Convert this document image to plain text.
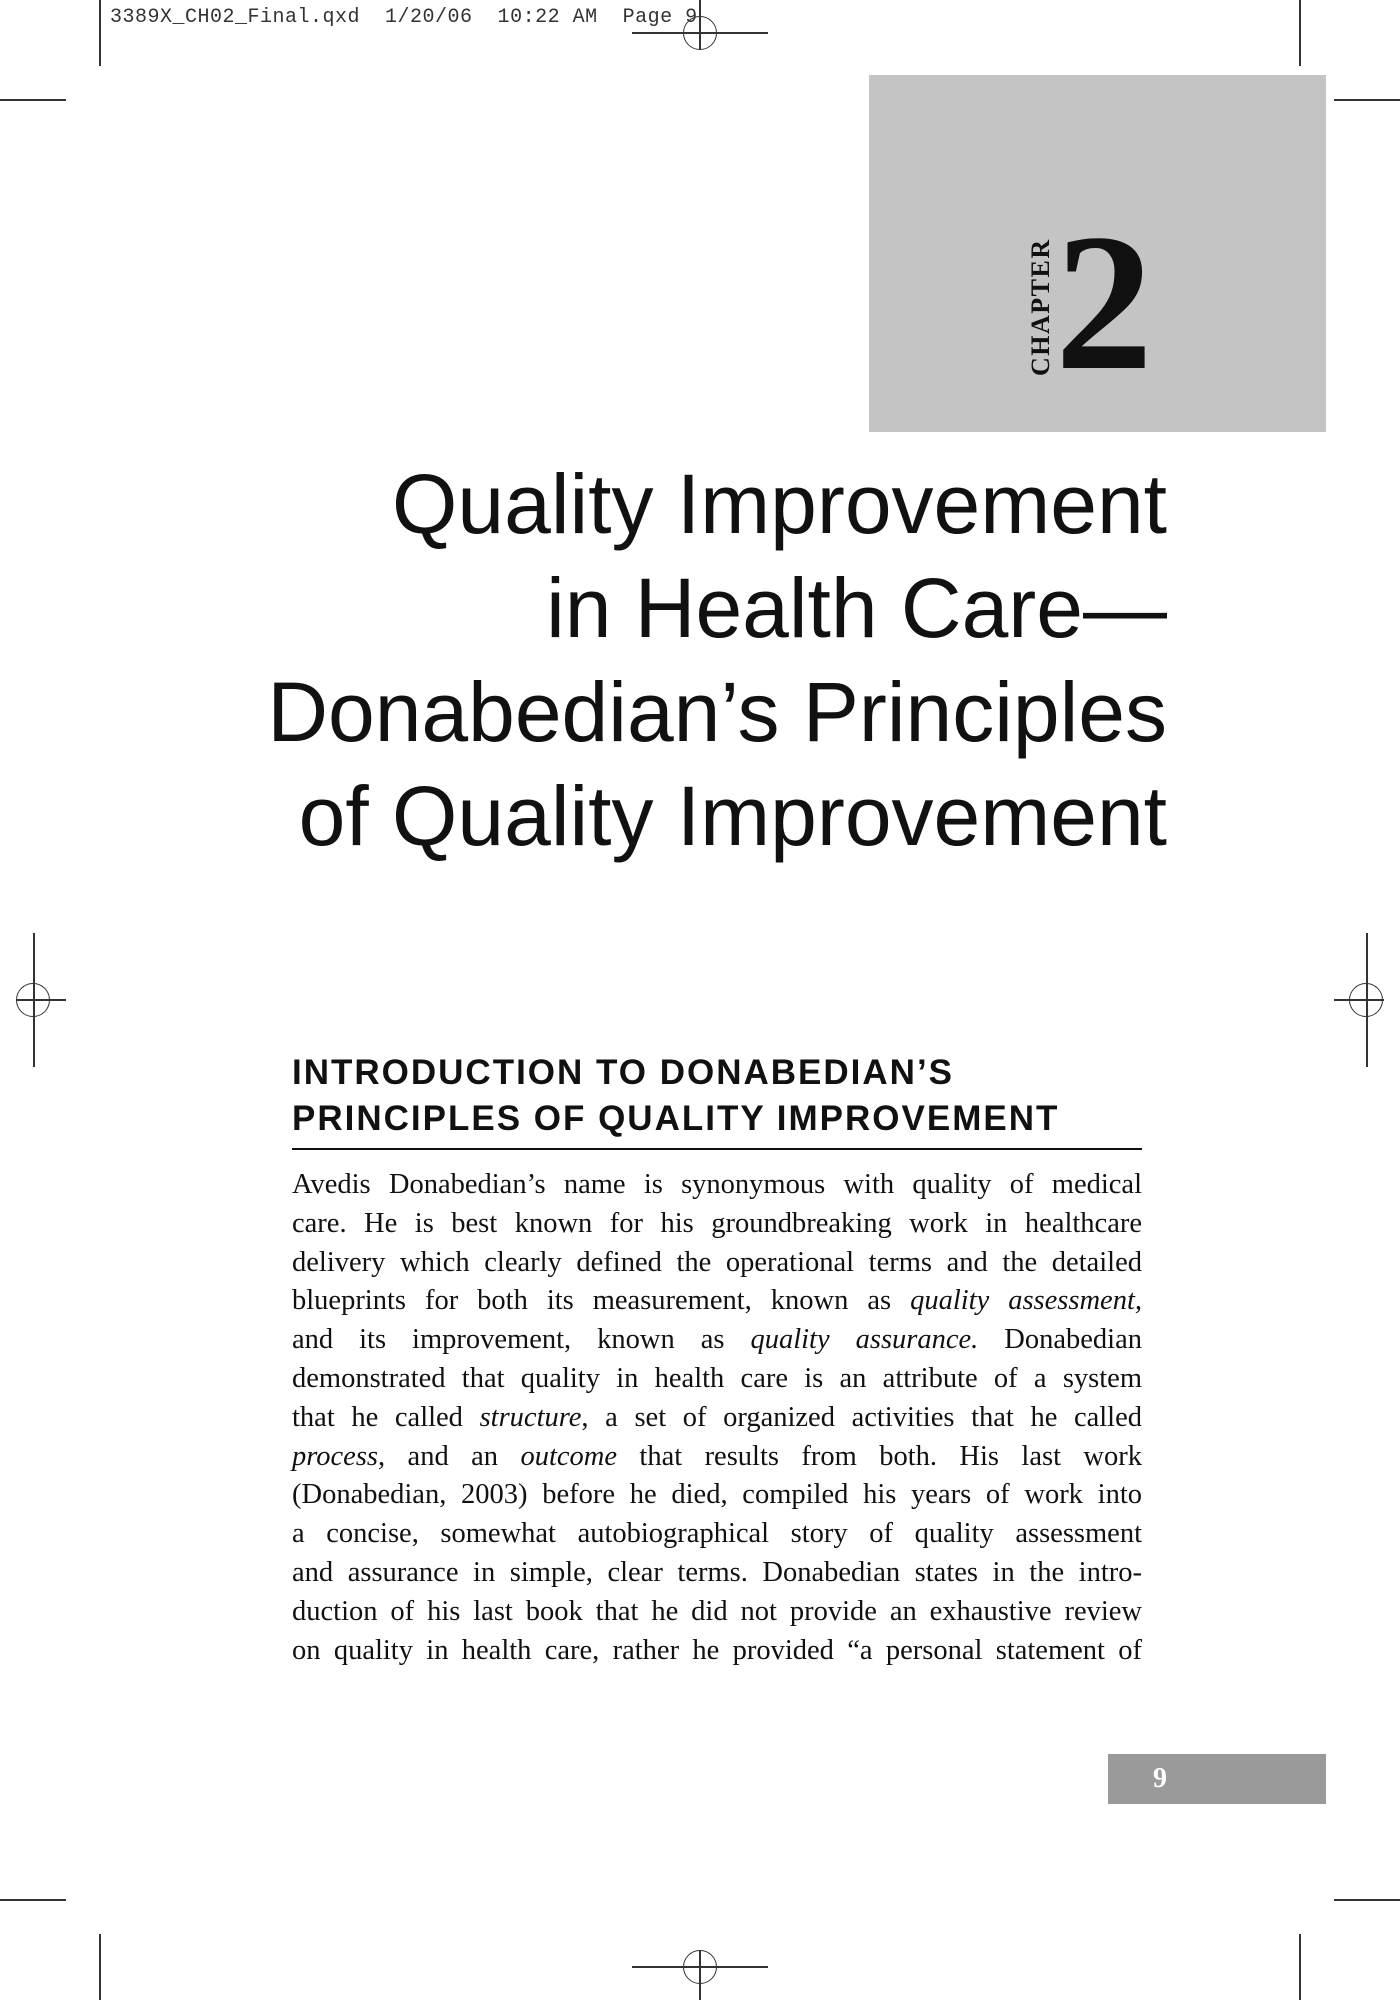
3389X_CH02_Final.qxd  1/20/06  10:22 AM  Page 9
CHAPTER 2
Quality Improvement
in Health Care—
Donabedian’s Principles
of Quality Improvement
INTRODUCTION TO DONABEDIAN’S
PRINCIPLES OF QUALITY IMPROVEMENT
Avedis Donabedian’s name is synonymous with quality of medical
care. He is best known for his groundbreaking work in healthcare
delivery which clearly defined the operational terms and the detailed
blueprints for both its measurement, known as quality assessment,
and its improvement, known as quality assurance. Donabedian
demonstrated that quality in health care is an attribute of a system
that he called structure, a set of organized activities that he called
process, and an outcome that results from both. His last work
(Donabedian, 2003) before he died, compiled his years of work into
a concise, somewhat autobiographical story of quality assessment
and assurance in simple, clear terms. Donabedian states in the intro-
duction of his last book that he did not provide an exhaustive review
on quality in health care, rather he provided “a personal statement of
9
